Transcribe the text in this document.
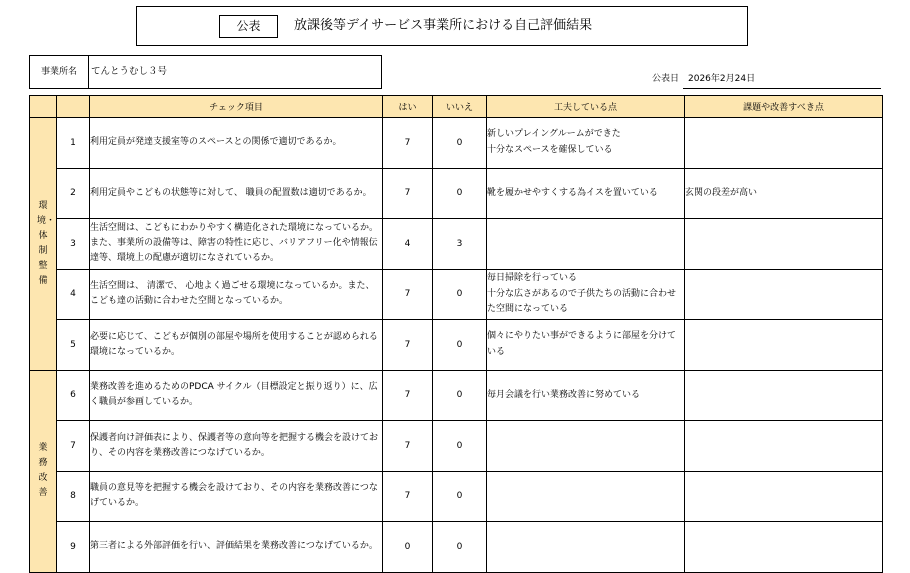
公表	放課後等デイサービス事業所における自己評価結果
事業所名	てんとうむし３号
公表日 2026年2月24日
		チェック項目	はい	いいえ	工夫している点	課題や改善すべき点
環境・体制整備	1	利用定員が発達支援室等のスペースとの関係で適切であるか。	7	0	新しいプレイングルームができた
十分なスペースを確保している	
	2	利用定員やこどもの状態等に対して、 職員の配置数は適切であるか。	7	0	靴を履かせやすくする為イスを置いている	玄関の段差が高い
	3	生活空間は、こどもにわかりやすく構造化された環境になっているか。また、事業所の設備等は、障害の特性に応じ、バリアフリー化や情報伝達等、環境上の配慮が適切になされているか。	4	3		
	4	生活空間は、 清潔で、 心地よく過ごせる環境になっているか。また、こども達の活動に合わせた空間となっているか。	7	0	毎日掃除を行っている
十分な広さがあるので子供たちの活動に合わせた空間になっている	
	5	必要に応じて、こどもが個別の部屋や場所を使用することが認められる環境になっているか。	7	0	個々にやりたい事ができるように部屋を分けている	
業務改善	6	業務改善を進めるためのPDCA サイクル（目標設定と振り返り）に、広く職員が参画しているか。	7	0	毎月会議を行い業務改善に努めている	
	7	保護者向け評価表により、保護者等の意向等を把握する機会を設けており、その内容を業務改善につなげているか。	7	0		
	8	職員の意見等を把握する機会を設けており、その内容を業務改善につなげているか。	7	0		
	9	第三者による外部評価を行い、評価結果を業務改善につなげているか。	0	0		
